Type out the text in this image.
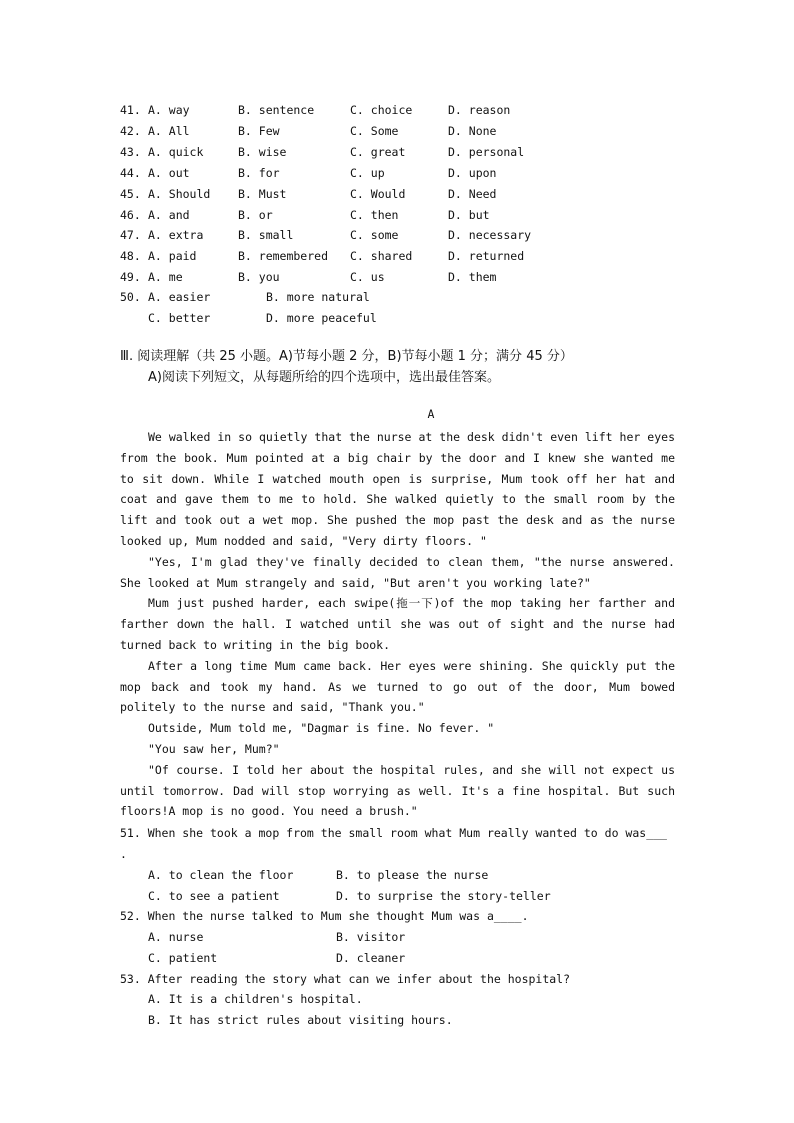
41. A. way	B. sentence	C. choice	D. reason
42. A. All	B. Few	C. Some	D. None
43. A. quick	B. wise	C. great	D. personal
44. A. out	B. for	C. up	D. upon
45. A. Should B. Must	C. Would	D. Need
46. A. and	B. or	C. then	D. but
47. A. extra	B. small	C. some	D. necessary
48. A. paid	B. remembered C. shared	D. returned
49. A. me	B. you	C. us	D. them
50. A. easier	B. more natural
C. better	D. more peaceful
Ⅲ. 阅读理解（共 25 小题。A)节每小题 2 分，B)节每小题 1 分；满分 45 分）
A)阅读下列短文，从每题所给的四个选项中，选出最佳答案。
A

We walked in so quietly that the nurse at the desk didn't even lift her eyes from the book. Mum pointed at a big chair by the door and I knew she wanted me to sit down. While I watched mouth open is surprise, Mum took off her hat and coat and gave them to me to hold. She walked quietly to the small room by the lift and took out a wet mop. She pushed the mop past the desk and as the nurse looked up, Mum nodded and said, "Very dirty floors. "

"Yes, I'm glad they've finally decided to clean them, "the nurse answered. She looked at Mum strangely and said, "But aren't you working late?"

Mum just pushed harder, each swipe(拖一下)of the mop taking her farther and farther down the hall. I watched until she was out of sight and the nurse had turned back to writing in the big book.

After a long time Mum came back. Her eyes were shining. She quickly put the mop back and took my hand. As we turned to go out of the door, Mum bowed politely to the nurse and said, "Thank you."

Outside, Mum told me, "Dagmar is fine. No fever. "

"You saw her, Mum?"

"Of course. I told her about the hospital rules, and she will not expect us until tomorrow. Dad will stop worrying as well. It's a fine hospital. But such floors!A mop is no good. You need a brush."

51. When she took a mop from the small room what Mum really wanted to do was___

.

A. to clean the floor	B. to please the nurse
C. to see a patient	D. to surprise the story-teller
52. When the nurse talked to Mum she thought Mum was a____.
A. nurse	B. visitor
C. patient	D. cleaner
53. After reading the story what can we infer about the hospital?
A. It is a children's hospital.
B. It has strict rules about visiting hours.
